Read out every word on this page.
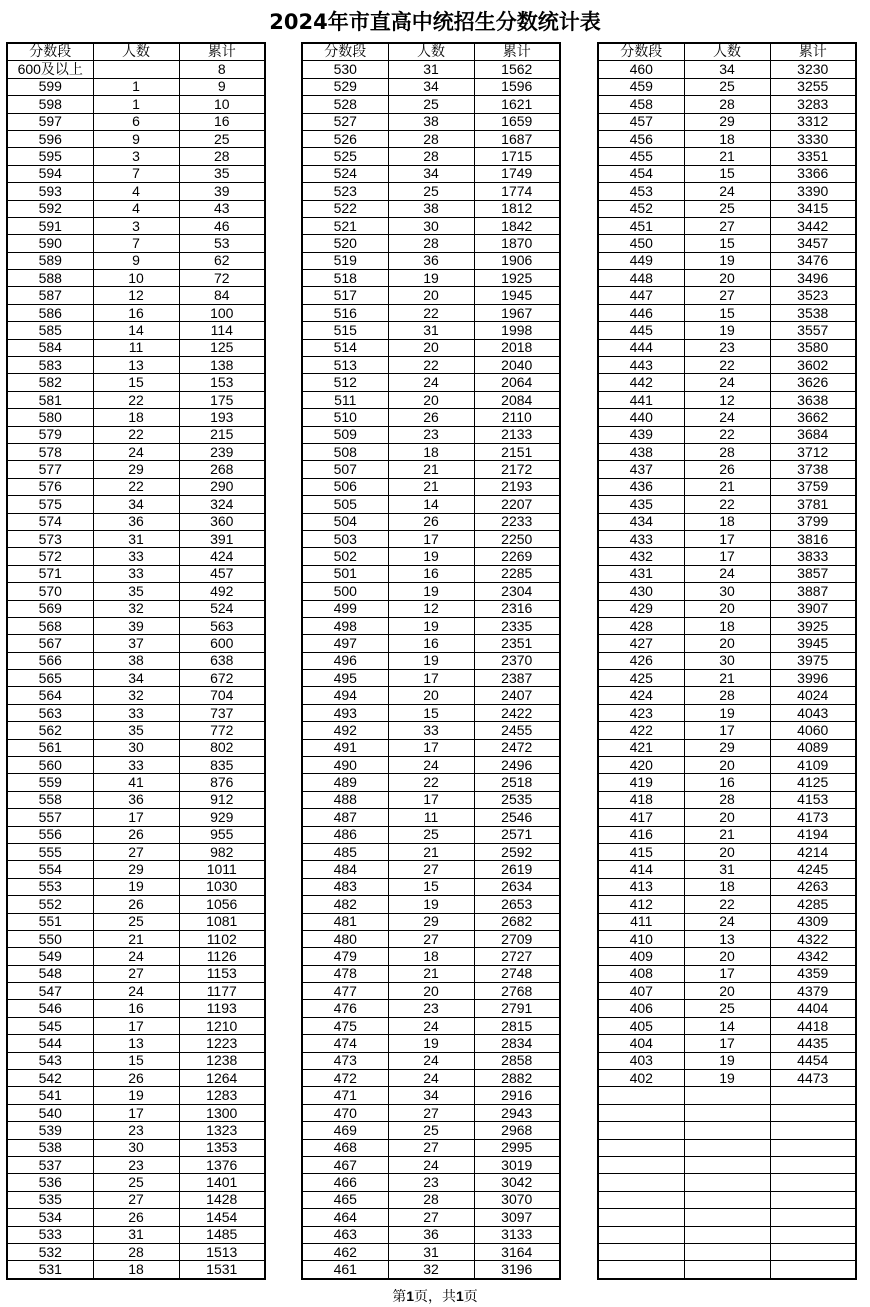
2024年市直高中统招生分数统计表
分数段	人数	累计
600及以上		8
599	1	9
598	1	10
597	6	16
596	9	25
595	3	28
594	7	35
593	4	39
592	4	43
591	3	46
590	7	53
589	9	62
588	10	72
587	12	84
586	16	100
585	14	114
584	11	125
583	13	138
582	15	153
581	22	175
580	18	193
579	22	215
578	24	239
577	29	268
576	22	290
575	34	324
574	36	360
573	31	391
572	33	424
571	33	457
570	35	492
569	32	524
568	39	563
567	37	600
566	38	638
565	34	672
564	32	704
563	33	737
562	35	772
561	30	802
560	33	835
559	41	876
558	36	912
557	17	929
556	26	955
555	27	982
554	29	1011
553	19	1030
552	26	1056
551	25	1081
550	21	1102
549	24	1126
548	27	1153
547	24	1177
546	16	1193
545	17	1210
544	13	1223
543	15	1238
542	26	1264
541	19	1283
540	17	1300
539	23	1323
538	30	1353
537	23	1376
536	25	1401
535	27	1428
534	26	1454
533	31	1485
532	28	1513
531	18	1531
分数段	人数	累计
530	31	1562
529	34	1596
528	25	1621
527	38	1659
526	28	1687
525	28	1715
524	34	1749
523	25	1774
522	38	1812
521	30	1842
520	28	1870
519	36	1906
518	19	1925
517	20	1945
516	22	1967
515	31	1998
514	20	2018
513	22	2040
512	24	2064
511	20	2084
510	26	2110
509	23	2133
508	18	2151
507	21	2172
506	21	2193
505	14	2207
504	26	2233
503	17	2250
502	19	2269
501	16	2285
500	19	2304
499	12	2316
498	19	2335
497	16	2351
496	19	2370
495	17	2387
494	20	2407
493	15	2422
492	33	2455
491	17	2472
490	24	2496
489	22	2518
488	17	2535
487	11	2546
486	25	2571
485	21	2592
484	27	2619
483	15	2634
482	19	2653
481	29	2682
480	27	2709
479	18	2727
478	21	2748
477	20	2768
476	23	2791
475	24	2815
474	19	2834
473	24	2858
472	24	2882
471	34	2916
470	27	2943
469	25	2968
468	27	2995
467	24	3019
466	23	3042
465	28	3070
464	27	3097
463	36	3133
462	31	3164
461	32	3196
分数段	人数	累计
460	34	3230
459	25	3255
458	28	3283
457	29	3312
456	18	3330
455	21	3351
454	15	3366
453	24	3390
452	25	3415
451	27	3442
450	15	3457
449	19	3476
448	20	3496
447	27	3523
446	15	3538
445	19	3557
444	23	3580
443	22	3602
442	24	3626
441	12	3638
440	24	3662
439	22	3684
438	28	3712
437	26	3738
436	21	3759
435	22	3781
434	18	3799
433	17	3816
432	17	3833
431	24	3857
430	30	3887
429	20	3907
428	18	3925
427	20	3945
426	30	3975
425	21	3996
424	28	4024
423	19	4043
422	17	4060
421	29	4089
420	20	4109
419	16	4125
418	28	4153
417	20	4173
416	21	4194
415	20	4214
414	31	4245
413	18	4263
412	22	4285
411	24	4309
410	13	4322
409	20	4342
408	17	4359
407	20	4379
406	25	4404
405	14	4418
404	17	4435
403	19	4454
402	19	4473

第1页，共1页
